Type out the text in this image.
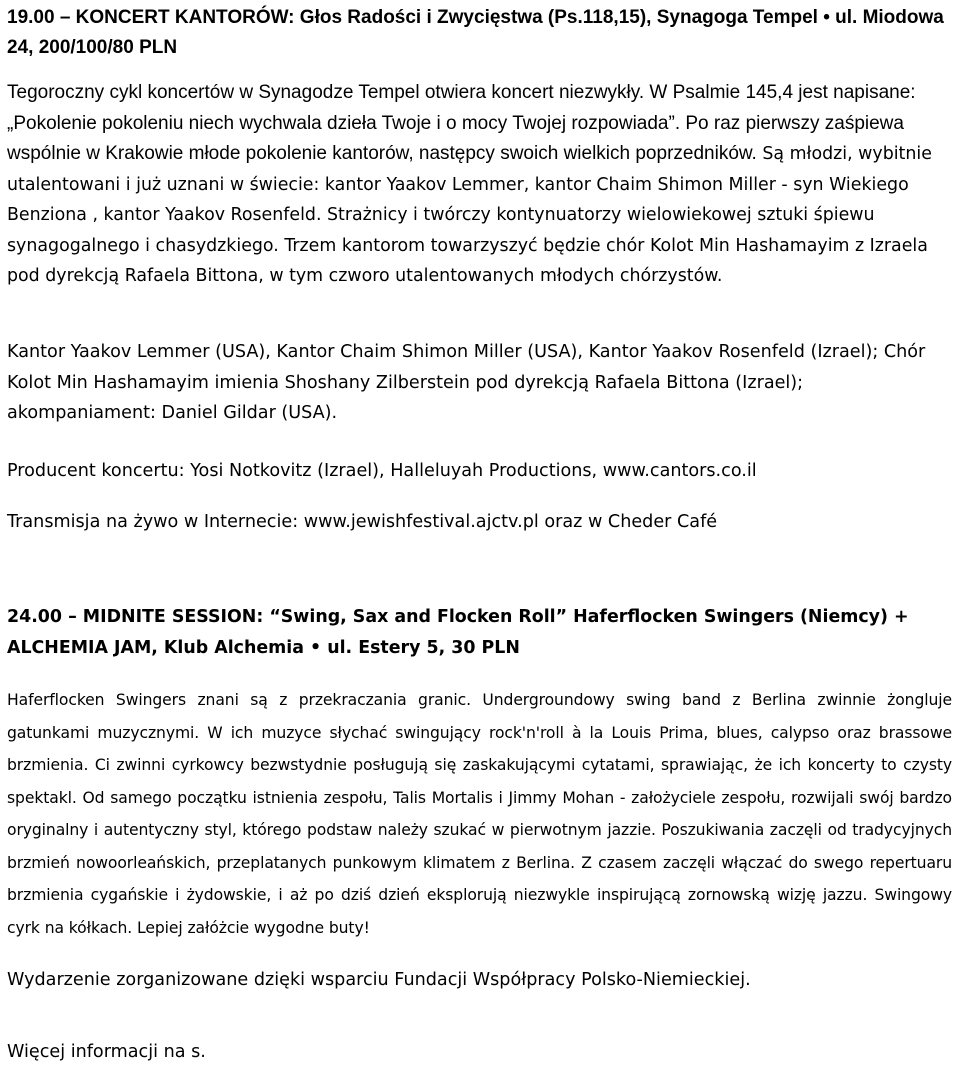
19.00 – KONCERT KANTORÓW: Głos Radości i Zwycięstwa (Ps.118,15), Synagoga Tempel • ul. Miodowa 24, 200/100/80 PLN

Tegoroczny cykl koncertów w Synagodze Tempel otwiera koncert niezwykły. W Psalmie 145,4 jest napisane: „Pokolenie pokoleniu niech wychwala dzieła Twoje i o mocy Twojej rozpowiada”. Po raz pierwszy zaśpiewa wspólnie w Krakowie młode pokolenie kantorów, następcy swoich wielkich poprzedników. Są młodzi, wybitnie utalentowani i już uznani w świecie: kantor Yaakov Lemmer, kantor Chaim Shimon Miller - syn Wiekiego Benziona , kantor Yaakov Rosenfeld. Strażnicy i twórczy kontynuatorzy wielowiekowej sztuki śpiewu synagogalnego i chasydzkiego. Trzem kantorom towarzyszyć będzie chór Kolot Min Hashamayim z Izraela pod dyrekcją Rafaela Bittona, w tym czworo utalentowanych młodych chórzystów.

Kantor Yaakov Lemmer (USA), Kantor Chaim Shimon Miller (USA), Kantor Yaakov Rosenfeld (Izrael); Chór Kolot Min Hashamayim imienia Shoshany Zilberstein pod dyrekcją Rafaela Bittona (Izrael); akompaniament: Daniel Gildar (USA).

Producent koncertu: Yosi Notkovitz (Izrael), Halleluyah Productions, www.cantors.co.il

Transmisja na żywo w Internecie: www.jewishfestival.ajctv.pl oraz w Cheder Café

24.00 – MIDNITE SESSION: “Swing, Sax and Flocken Roll” Haferflocken Swingers (Niemcy) + ALCHEMIA JAM, Klub Alchemia • ul. Estery 5, 30 PLN

Haferflocken Swingers znani są z przekraczania granic. Undergroundowy swing band z Berlina zwinnie żongluje gatunkami muzycznymi. W ich muzyce słychać swingujący rock'n'roll à la Louis Prima, blues, calypso oraz brassowe brzmienia. Ci zwinni cyrkowcy bezwstydnie posługują się zaskakującymi cytatami, sprawiając, że ich koncerty to czysty spektakl. Od samego początku istnienia zespołu, Talis Mortalis i Jimmy Mohan - założyciele zespołu, rozwijali swój bardzo oryginalny i autentyczny styl, którego podstaw należy szukać w pierwotnym jazzie. Poszukiwania zaczęli od tradycyjnych brzmień nowoorleańskich, przeplatanych punkowym klimatem z Berlina. Z czasem zaczęli włączać do swego repertuaru brzmienia cygańskie i żydowskie, i aż po dziś dzień eksplorują niezwykle inspirującą zornowską wizję jazzu. Swingowy cyrk na kółkach. Lepiej załóżcie wygodne buty!

Wydarzenie zorganizowane dzięki wsparciu Fundacji Współpracy Polsko-Niemieckiej.

Więcej informacji na s.
